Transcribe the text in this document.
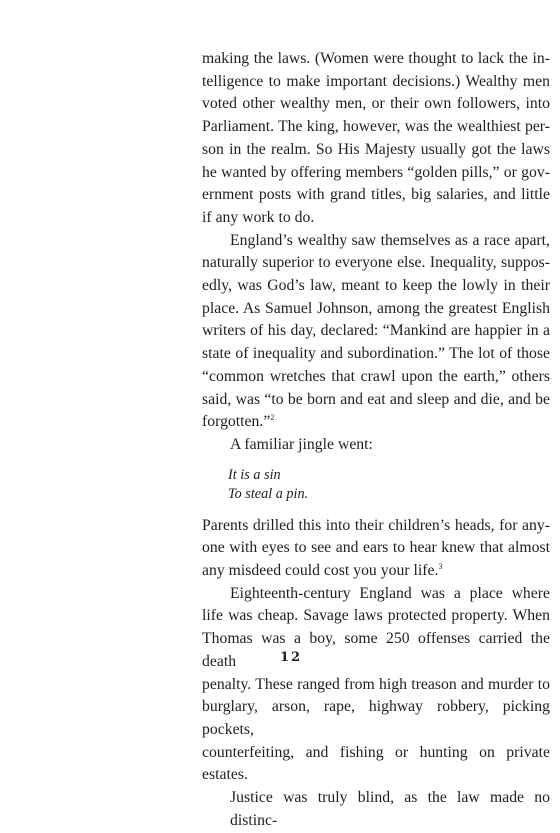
making the laws. (Women were thought to lack the in-
telligence to make important decisions.) Wealthy men
voted other wealthy men, or their own followers, into
Parliament. The king, however, was the wealthiest per-
son in the realm. So His Majesty usually got the laws
he wanted by offering members “golden pills,” or gov-
ernment posts with grand titles, big salaries, and little
if any work to do.

England’s wealthy saw themselves as a race apart,
naturally superior to everyone else. Inequality, suppos-
edly, was God’s law, meant to keep the lowly in their
place. As Samuel Johnson, among the greatest English
writers of his day, declared: “Mankind are happier in a
state of inequality and subordination.” The lot of those
“common wretches that crawl upon the earth,” others
said, was “to be born and eat and sleep and die, and be
forgotten.”$^2$

A familiar jingle went:

It is a sin
To steal a pin.

Parents drilled this into their children’s heads, for any-
one with eyes to see and ears to hear knew that almost
any misdeed could cost you your life.$^3$

Eighteenth-century England was a place where
life was cheap. Savage laws protected property. When
Thomas was a boy, some 250 offenses carried the death
penalty. These ranged from high treason and murder to
burglary, arson, rape, highway robbery, picking pockets,
counterfeiting, and fishing or hunting on private estates.

Justice was truly blind, as the law made no distinc-

12
